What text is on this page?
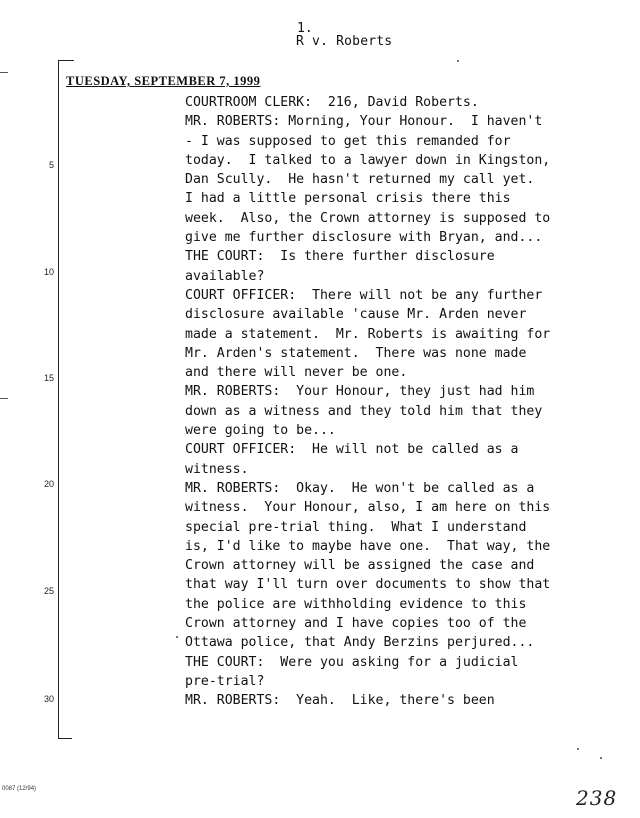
1.
R v. Roberts
TUESDAY, SEPTEMBER 7, 1999
5
10
15
20
25
30
COURTROOM CLERK:  216, David Roberts.
MR. ROBERTS: Morning, Your Honour.  I haven't
- I was supposed to get this remanded for
today.  I talked to a lawyer down in Kingston,
Dan Scully.  He hasn't returned my call yet.
I had a little personal crisis there this
week.  Also, the Crown attorney is supposed to
give me further disclosure with Bryan, and...
THE COURT:  Is there further disclosure
available?
COURT OFFICER:  There will not be any further
disclosure available 'cause Mr. Arden never
made a statement.  Mr. Roberts is awaiting for
Mr. Arden's statement.  There was none made
and there will never be one.
MR. ROBERTS:  Your Honour, they just had him
down as a witness and they told him that they
were going to be...
COURT OFFICER:  He will not be called as a
witness.
MR. ROBERTS:  Okay.  He won't be called as a
witness.  Your Honour, also, I am here on this
special pre-trial thing.  What I understand
is, I'd like to maybe have one.  That way, the
Crown attorney will be assigned the case and
that way I'll turn over documents to show that
the police are withholding evidence to this
Crown attorney and I have copies too of the
Ottawa police, that Andy Berzins perjured...
THE COURT:  Were you asking for a judicial
pre-trial?
MR. ROBERTS:  Yeah.  Like, there's been
0087 (12/94)	238
